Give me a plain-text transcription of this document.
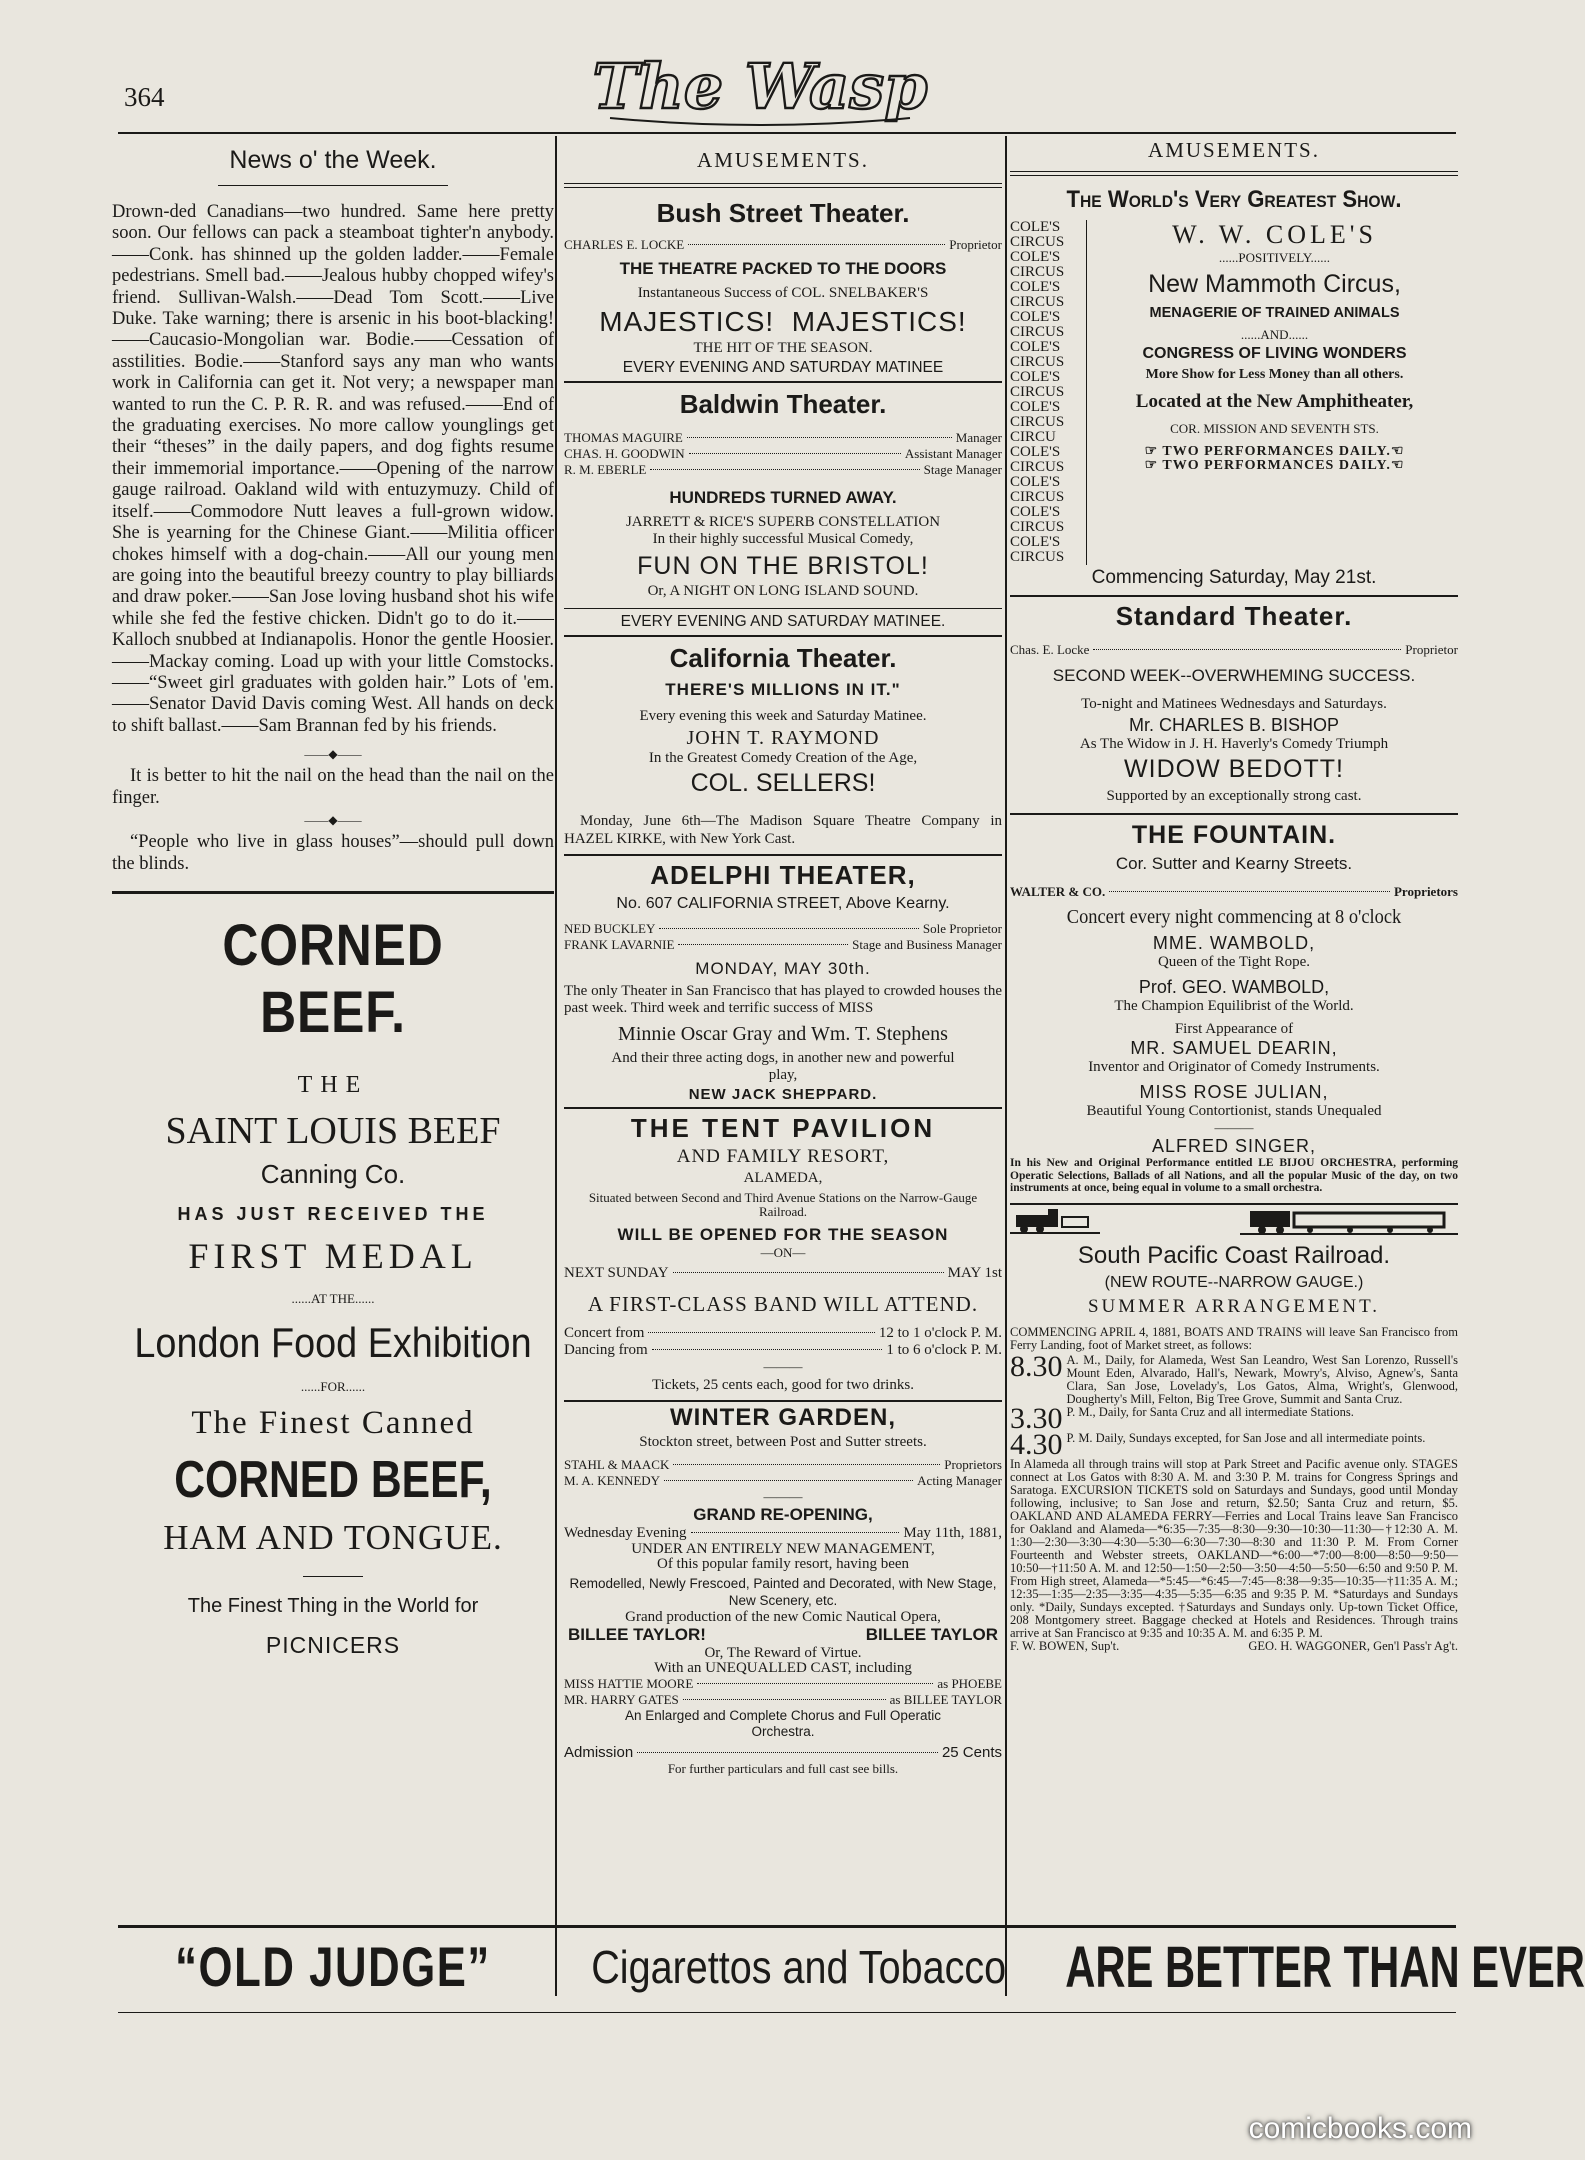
364	The Wasp
News o' the Week.
Drown-ded Canadians—two hundred. Same here pretty soon. Our fellows can pack a steamboat tighter'n anybody.——Conk. has shinned up the golden ladder.——Female pedestrians. Smell bad.——Jealous hubby chopped wifey's friend. Sullivan-Walsh.——Dead Tom Scott.——Live Duke. Take warning; there is arsenic in his boot-blacking!——Caucasio-Mongolian war. Bodie.——Cessation of asstilities. Bodie.——Stanford says any man who wants work in California can get it. Not very; a newspaper man wanted to run the C. P. R. R. and was refused.——End of the graduating exercises. No more callow younglings get their “theses” in the daily papers, and dog fights resume their immemorial importance.——Opening of the narrow gauge railroad. Oakland wild with entuzymuzy. Child of itself.——Commodore Nutt leaves a full-grown widow. She is yearning for the Chinese Giant.——Militia officer chokes himself with a dog-chain.——All our young men are going into the beautiful breezy country to play billiards and draw poker.——San Jose loving husband shot his wife while she fed the festive chicken. Didn't go to do it.——Kalloch snubbed at Indianapolis. Honor the gentle Hoosier.——Mackay coming. Load up with your little Comstocks.——“Sweet girl graduates with golden hair.” Lots of 'em.——Senator David Davis coming West. All hands on deck to shift ballast.——Sam Brannan fed by his friends.
——◆——
It is better to hit the nail on the head than the nail on the finger.
——◆——
“People who live in glass houses”—should pull down the blinds.
CORNED BEEF.
THE
SAINT LOUIS BEEF
Canning Co.
HAS JUST RECEIVED THE
FIRST MEDAL
......AT THE......
London Food Exhibition
......FOR......
The Finest Canned
CORNED BEEF,
HAM AND TONGUE.
The Finest Thing in the World for
PICNICERS
AMUSEMENTS.
Bush Street Theater.
CHARLES E. LOCKE	Proprietor
THE THEATRE PACKED TO THE DOORS
Instantaneous Success of COL. SNELBAKER'S
MAJESTICS!  MAJESTICS!
THE HIT OF THE SEASON.
EVERY EVENING AND SATURDAY MATINEE
Baldwin Theater.
THOMAS MAGUIRE	Manager
CHAS. H. GOODWIN	Assistant Manager
R. M. EBERLE	Stage Manager
HUNDREDS TURNED AWAY.
JARRETT & RICE'S SUPERB CONSTELLATION
In their highly successful Musical Comedy,
FUN ON THE BRISTOL!
Or, A NIGHT ON LONG ISLAND SOUND.
EVERY EVENING AND SATURDAY MATINEE.
California Theater.
THERE'S MILLIONS IN IT."
Every evening this week and Saturday Matinee.
JOHN T. RAYMOND
In the Greatest Comedy Creation of the Age,
COL. SELLERS!
Monday, June 6th—The Madison Square Theatre Company in HAZEL KIRKE, with New York Cast.
ADELPHI THEATER,
No. 607 CALIFORNIA STREET, Above Kearny.
NED BUCKLEY	Sole Proprietor
FRANK LAVARNIE	Stage and Business Manager
MONDAY, MAY 30th.
The only Theater in San Francisco that has played to crowded houses the past week. Third week and terrific success of MISS
Minnie Oscar Gray and Wm. T. Stephens
And their three acting dogs, in another new and powerful play,
NEW JACK SHEPPARD.
THE TENT PAVILION
AND FAMILY RESORT,
ALAMEDA,
Situated between Second and Third Avenue Stations on the Narrow-Gauge Railroad.
WILL BE OPENED FOR THE SEASON
—ON—
NEXT SUNDAY	MAY 1st
A FIRST-CLASS BAND WILL ATTEND.
Concert from	12 to 1 o'clock P. M.
Dancing from	1 to 6 o'clock P. M.
———
Tickets, 25 cents each, good for two drinks.
WINTER GARDEN,
Stockton street, between Post and Sutter streets.
STAHL & MAACK	Proprietors
M. A. KENNEDY	Acting Manager
———
GRAND RE-OPENING,
Wednesday Evening	May 11th, 1881,
UNDER AN ENTIRELY NEW MANAGEMENT,
Of this popular family resort, having been
Remodelled, Newly Frescoed, Painted and Decorated, with New Stage, New Scenery, etc.
Grand production of the new Comic Nautical Opera,
BILLEE TAYLOR!	BILLEE TAYLOR
Or, The Reward of Virtue.
With an UNEQUALLED CAST, including
MISS HATTIE MOORE	as PHOEBE
MR. HARRY GATES	as BILLEE TAYLOR
An Enlarged and Complete Chorus and Full Operatic Orchestra.
Admission	25 Cents
For further particulars and full cast see bills.
AMUSEMENTS.
The World's Very Greatest Show.
COLE'S
CIRCUS
COLE'S
CIRCUS
COLE'S
CIRCUS
COLE'S
CIRCUS
COLE'S
CIRCUS
COLE'S
CIRCUS
COLE'S
CIRCUS
CIRCU
COLE'S
CIRCUS
COLE'S
CIRCUS
COLE'S
CIRCUS
COLE'S
CIRCUS
W. W. COLE'S
......POSITIVELY......
New Mammoth Circus,
MENAGERIE OF TRAINED ANIMALS
......AND......
CONGRESS OF LIVING WONDERS
More Show for Less Money than all others.
Located at the New Amphitheater,
COR. MISSION AND SEVENTH STS.
☞ TWO PERFORMANCES DAILY.☜
☞ TWO PERFORMANCES DAILY.☜
Commencing Saturday, May 21st.
Standard Theater.
Chas. E. Locke	Proprietor
SECOND WEEK--OVERWHEMING SUCCESS.
To-night and Matinees Wednesdays and Saturdays.
Mr. CHARLES B. BISHOP
As The Widow in J. H. Haverly's Comedy Triumph
WIDOW BEDOTT!
Supported by an exceptionally strong cast.
THE FOUNTAIN.
Cor. Sutter and Kearny Streets.
WALTER & CO.	Proprietors
Concert every night commencing at 8 o'clock
MME. WAMBOLD,
Queen of the Tight Rope.
Prof. GEO. WAMBOLD,
The Champion Equilibrist of the World.
First Appearance of
MR. SAMUEL DEARIN,
Inventor and Originator of Comedy Instruments.
MISS ROSE JULIAN,
Beautiful Young Contortionist, stands Unequaled
———
ALFRED SINGER,
In his New and Original Performance entitled LE BIJOU ORCHESTRA, performing Operatic Selections, Ballads of all Nations, and all the popular Music of the day, on two instruments at once, being equal in volume to a small orchestra.
South Pacific Coast Railroad.
(NEW ROUTE--NARROW GAUGE.)
SUMMER ARRANGEMENT.
COMMENCING APRIL 4, 1881, BOATS AND TRAINS will leave San Francisco from Ferry Landing, foot of Market street, as follows:
8.30 A. M., Daily, for Alameda, West San Leandro, West San Lorenzo, Russell's Mount Eden, Alvarado, Hall's, Newark, Mowry's, Alviso, Agnew's, Santa Clara, San Jose, Lovelady's, Los Gatos, Alma, Wright's, Glenwood, Dougherty's Mill, Felton, Big Tree Grove, Summit and Santa Cruz.
3.30 P. M., Daily, for Santa Cruz and all intermediate Stations.
4.30 P. M. Daily, Sundays excepted, for San Jose and all intermediate points.
In Alameda all through trains will stop at Park Street and Pacific avenue only. STAGES connect at Los Gatos with 8:30 A. M. and 3:30 P. M. trains for Congress Springs and Saratoga. EXCURSION TICKETS sold on Saturdays and Sundays, good until Monday following, inclusive; to San Jose and return, $2.50; Santa Cruz and return, $5. OAKLAND AND ALAMEDA FERRY—Ferries and Local Trains leave San Francisco for Oakland and Alameda—*6:35—7:35—8:30—9:30—10:30—11:30—†12:30 A. M. 1:30—2:30—3:30—4:30—5:30—6:30—7:30—8:30 and 11:30 P. M. From Corner Fourteenth and Webster streets, OAKLAND—*6:00—*7:00—8:00—8:50—9:50—10:50—†11:50 A. M. and 12:50—1:50—2:50—3:50—4:50—5:50—6:50 and 9:50 P. M. From High street, Alameda—*5:45—*6:45—7:45—8:38—9:35—10:35—†11:35 A. M.; 12:35—1:35—2:35—3:35—4:35—5:35—6:35 and 9:35 P. M. *Saturdays and Sundays only. *Daily, Sundays excepted. †Saturdays and Sundays only. Up-town Ticket Office, 208 Montgomery street. Baggage checked at Hotels and Residences. Through trains arrive at San Francisco at 9:35 and 10:35 A. M. and 6:35 P. M.
F. W. BOWEN, Sup't.	GEO. H. WAGGONER, Gen'l Pass'r Ag't.
“OLD JUDGE”	Cigarettos and Tobacco ARE BETTER THAN EVER
comicbooks.com
